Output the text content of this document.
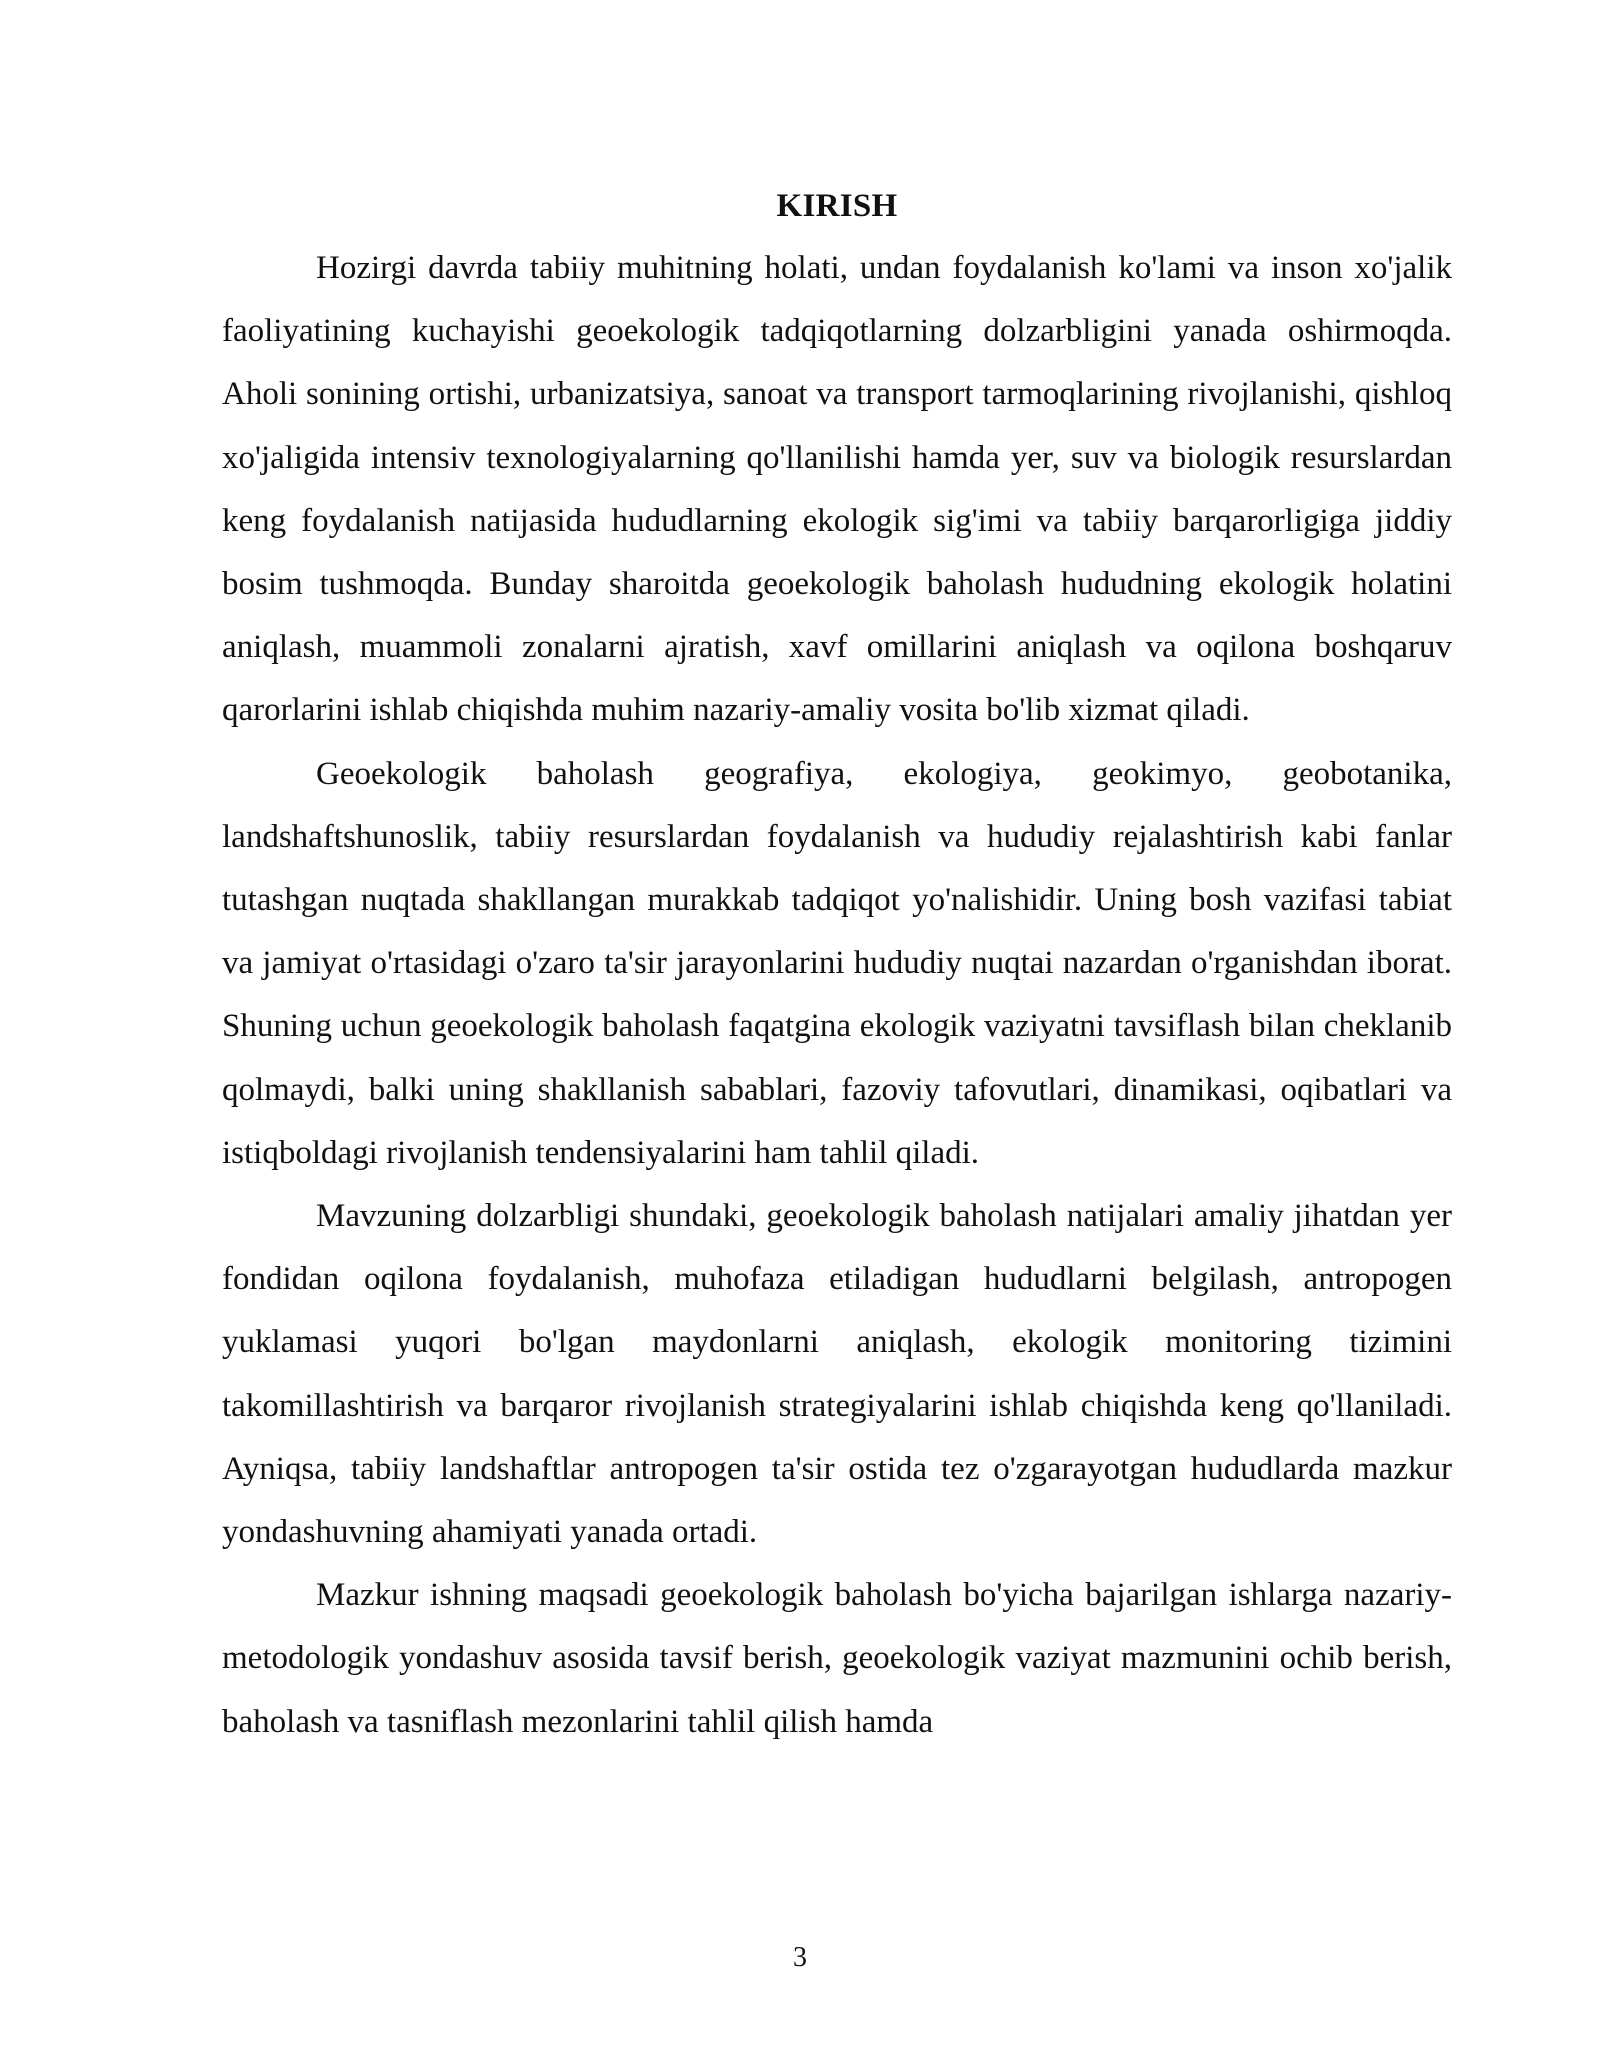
KIRISH

Hozirgi davrda tabiiy muhitning holati, undan foydalanish ko'lami va inson xo'jalik faoliyatining kuchayishi geoekologik tadqiqotlarning dolzarbligini yanada oshirmoqda. Aholi sonining ortishi, urbanizatsiya, sanoat va transport tarmoqlarining rivojlanishi, qishloq xo'jaligida intensiv texnologiyalarning qo'llanilishi hamda yer, suv va biologik resurslardan keng foydalanish natijasida hududlarning ekologik sig'imi va tabiiy barqarorligiga jiddiy bosim tushmoqda. Bunday sharoitda geoekologik baholash hududning ekologik holatini aniqlash, muammoli zonalarni ajratish, xavf omillarini aniqlash va oqilona boshqaruv qarorlarini ishlab chiqishda muhim nazariy-amaliy vosita bo'lib xizmat qiladi.

Geoekologik baholash geografiya, ekologiya, geokimyo, geobotanika, landshaftshunoslik, tabiiy resurslardan foydalanish va hududiy rejalashtirish kabi fanlar tutashgan nuqtada shakllangan murakkab tadqiqot yo'nalishidir. Uning bosh vazifasi tabiat va jamiyat o'rtasidagi o'zaro ta'sir jarayonlarini hududiy nuqtai nazardan o'rganishdan iborat. Shuning uchun geoekologik baholash faqatgina ekologik vaziyatni tavsiflash bilan cheklanib qolmaydi, balki uning shakllanish sabablari, fazoviy tafovutlari, dinamikasi, oqibatlari va istiqboldagi rivojlanish tendensiyalarini ham tahlil qiladi.

Mavzuning dolzarbligi shundaki, geoekologik baholash natijalari amaliy jihatdan yer fondidan oqilona foydalanish, muhofaza etiladigan hududlarni belgilash, antropogen yuklamasi yuqori bo'lgan maydonlarni aniqlash, ekologik monitoring tizimini takomillashtirish va barqaror rivojlanish strategiyalarini ishlab chiqishda keng qo'llaniladi. Ayniqsa, tabiiy landshaftlar antropogen ta'sir ostida tez o'zgarayotgan hududlarda mazkur yondashuvning ahamiyati yanada ortadi.

Mazkur ishning maqsadi geoekologik baholash bo'yicha bajarilgan ishlarga nazariy-metodologik yondashuv asosida tavsif berish, geoekologik vaziyat mazmunini ochib berish, baholash va tasniflash mezonlarini tahlil qilish hamda

3
